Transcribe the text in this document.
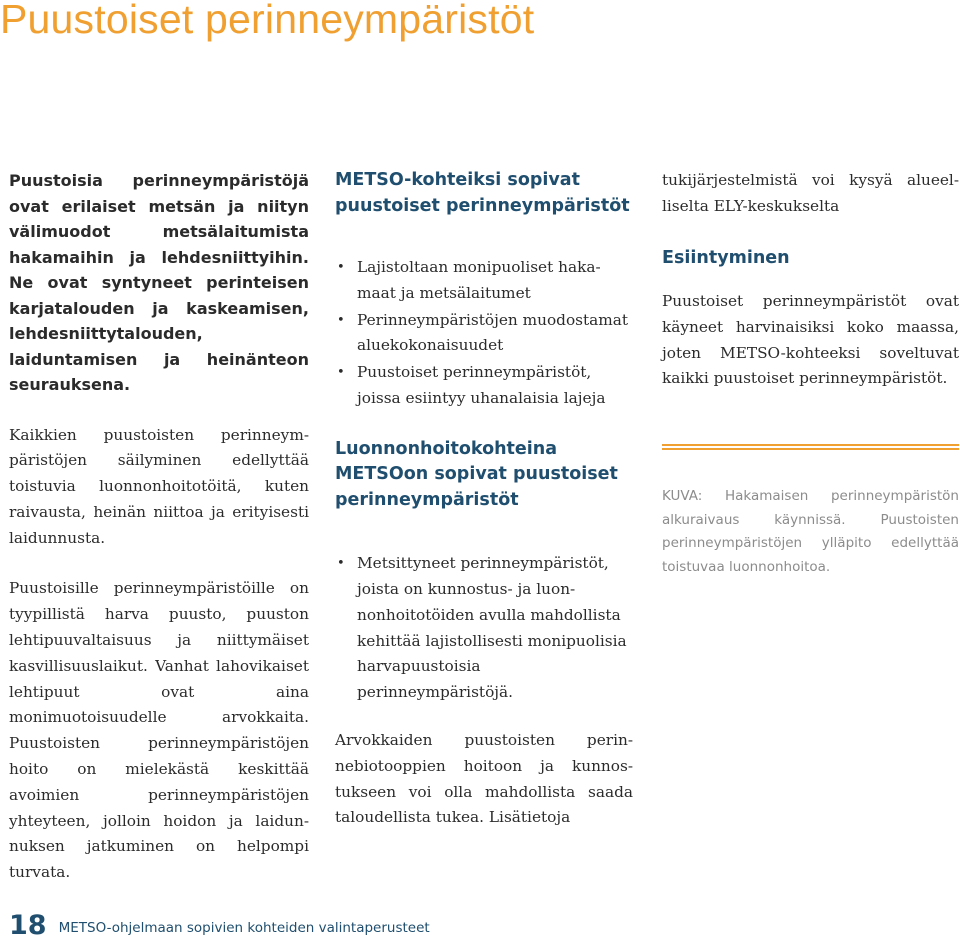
Puustoiset perinneympäristöt

Puustoisia perinneympäristöjä ovat erilaiset metsän ja niityn välimuodot metsälaitumista hakamaihin ja lehdesniittyihin. Ne ovat syntyneet perinteisen karjatalouden ja kaskeamisen, lehdesniittytalouden, laiduntamisen ja heinänteon seurauksena.

Kaikkien puustoisten perinneympäristöjen säilyminen edellyttää toistuvia luonnonhoitotöitä, kuten raivausta, heinän niittoa ja erityisesti laidunnusta.

Puustoisille perinneympäristöille on tyypillistä harva puusto, puuston lehtipuuvaltaisuus ja niittymäiset kasvillisuuslaikut. Vanhat lahovikaiset lehtipuut ovat aina monimuotoisuudelle arvokkaita. Puustoisten perinneympäristöjen hoito on mielekästä keskittää avoimien perinneympäristöjen yhteyteen, jolloin hoidon ja laidunnuksen jatkuminen on helpompi turvata.

METSO-kohteiksi sopivat puustoiset perinneympäristöt
• Lajistoltaan monipuoliset hakamaat ja metsälaitumet
• Perinneympäristöjen muodostamat aluekokonaisuudet
• Puustoiset perinneympäristöt, joissa esiintyy uhanalaisia lajeja
Luonnonhoitokohteina METSOon sopivat puustoiset perinneympäristöt
• Metsittyneet perinneympäristöt, joista on kunnostus- ja luonnonhoitotöiden avulla mahdollista kehittää lajistollisesti monipuolisia harvapuustoisia perinneympäristöjä.

Arvokkaiden puustoisten perinnebiotooppien hoitoon ja kunnostukseen voi olla mahdollista saada taloudellista tukea. Lisätietoja

tukijärjestelmistä voi kysyä alueelliselta ELY-keskukselta

Esiintyminen

Puustoiset perinneympäristöt ovat käyneet harvinaisiksi koko maassa, joten METSO-kohteeksi soveltuvat kaikki puustoiset perinneympäristöt.

KUVA: Hakamaisen perinneympäristön alkuraivaus käynnissä. Puustoisten perinneympäristöjen ylläpito edellyttää toistuvaa luonnonhoitoa.

18 METSO-ohjelmaan sopivien kohteiden valintaperusteet
